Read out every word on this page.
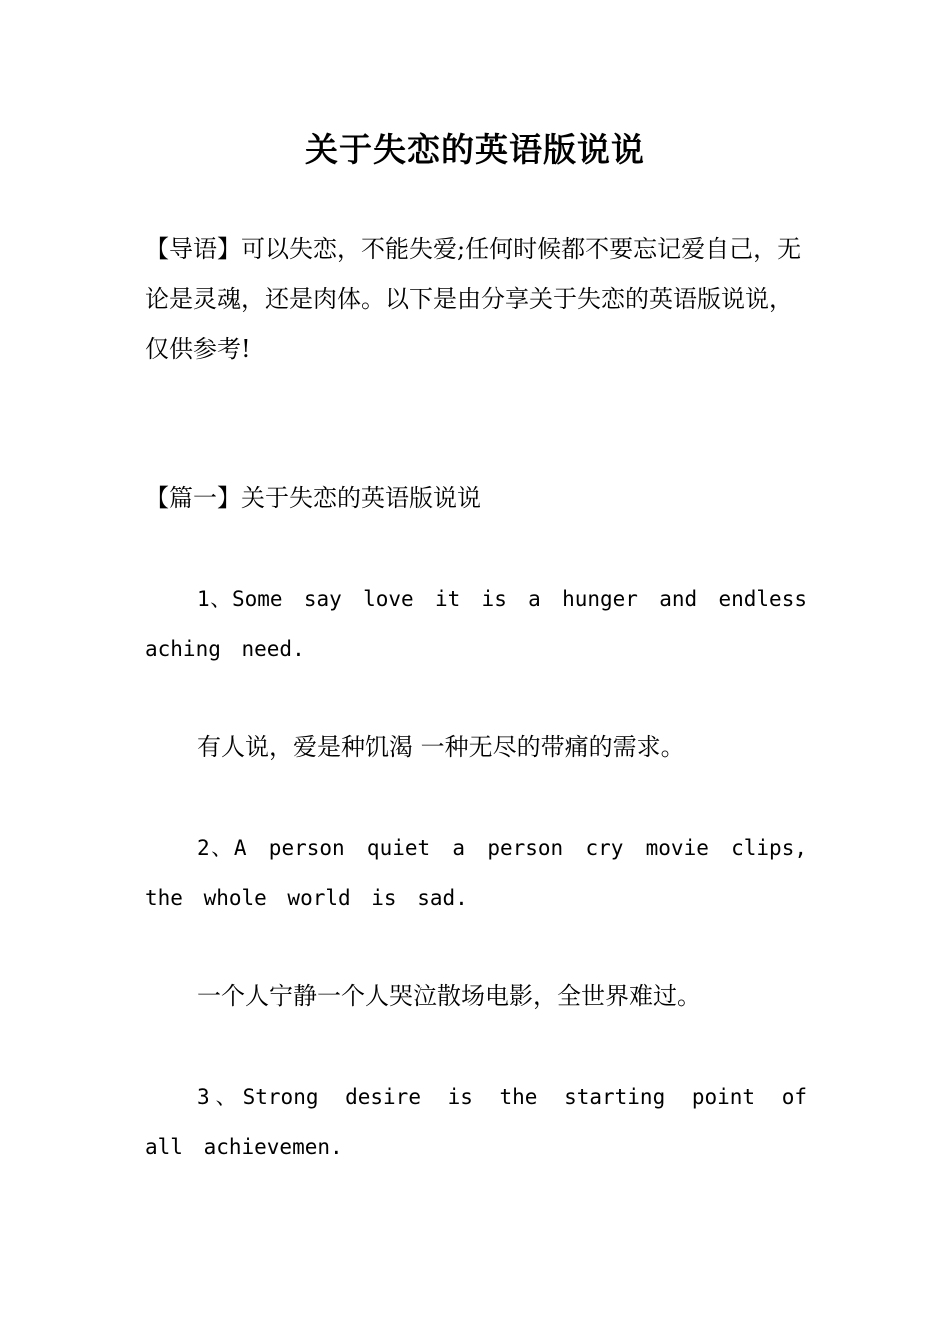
关于失恋的英语版说说
【导语】可以失恋，不能失爱;任何时候都不要忘记爱自己，无论是灵魂，还是肉体。以下是由分享关于失恋的英语版说说，仅供参考!
【篇一】关于失恋的英语版说说
1、Some say love it is a hunger and endless aching need.
有人说，爱是种饥渴 一种无尽的带痛的需求。
2、A person quiet a person cry movie clips, the whole world is sad.
一个人宁静一个人哭泣散场电影，全世界难过。
3、Strong desire is the starting point of all achievemen.
